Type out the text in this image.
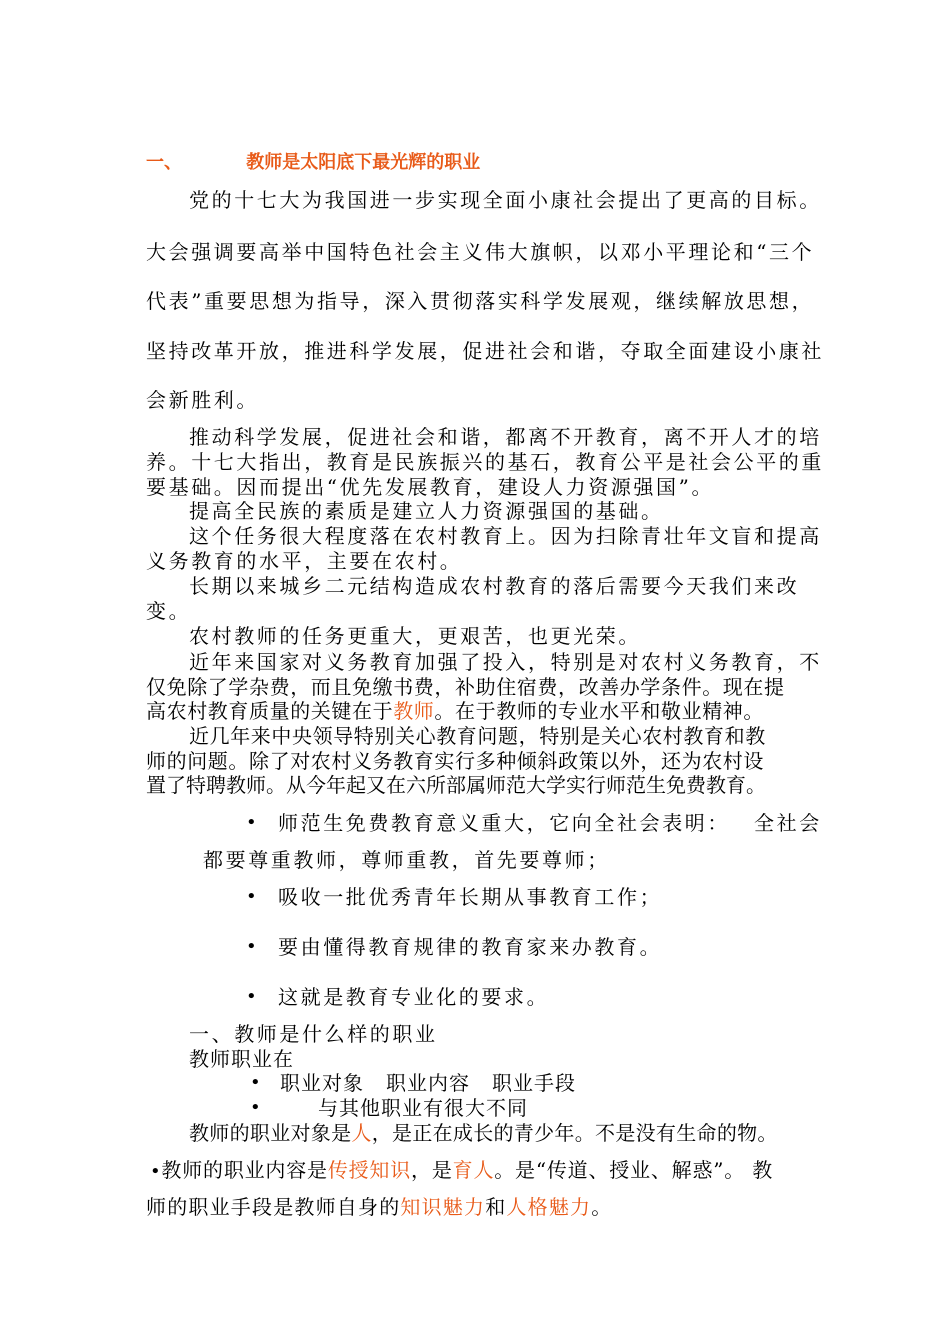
一、	教师是太阳底下最光辉的职业
党的十七大为我国进一步实现全面小康社会提出了更高的目标。
大会强调要高举中国特色社会主义伟大旗帜，以邓小平理论和“三个
代表”重要思想为指导，深入贯彻落实科学发展观，继续解放思想，
坚持改革开放，推进科学发展，促进社会和谐，夺取全面建设小康社
会新胜利。
推动科学发展，促进社会和谐，都离不开教育，离不开人才的培
养。十七大指出，教育是民族振兴的基石，教育公平是社会公平的重
要基础。因而提出“优先发展教育，建设人力资源强国”。
提高全民族的素质是建立人力资源强国的基础。
这个任务很大程度落在农村教育上。因为扫除青壮年文盲和提高
义务教育的水平，主要在农村。
长期以来城乡二元结构造成农村教育的落后需要今天我们来改
变。
农村教师的任务更重大，更艰苦，也更光荣。
近年来国家对义务教育加强了投入，特别是对农村义务教育，不
仅免除了学杂费，而且免缴书费，补助住宿费，改善办学条件。现在提
高农村教育质量的关键在于教师。在于教师的专业水平和敬业精神。
近几年来中央领导特别关心教育问题，特别是关心农村教育和教
师的问题。除了对农村义务教育实行多种倾斜政策以外，还为农村设
置了特聘教师。从今年起又在六所部属师范大学实行师范生免费教育。
• 师范生免费教育意义重大，它向全社会表明： 全社会
都要尊重教师，尊师重教，首先要尊师；
• 吸收一批优秀青年长期从事教育工作；
• 要由懂得教育规律的教育家来办教育。
• 这就是教育专业化的要求。
一、教师是什么样的职业
教师职业在
• 职业对象 职业内容 职业手段
•	与其他职业有很大不同
教师的职业对象是人，是正在成长的青少年。不是没有生命的物。
•教师的职业内容是传授知识，是育人。是“传道、授业、解惑”。 教
师的职业手段是教师自身的知识魅力和人格魅力。
